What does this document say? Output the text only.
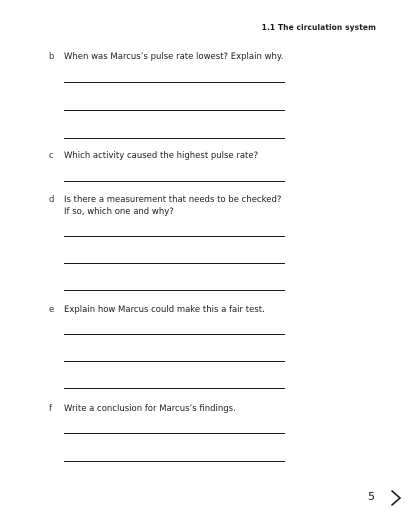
1.1 The circulation system
b When was Marcus’s pulse rate lowest? Explain why.
c Which activity caused the highest pulse rate?
d Is there a measurement that needs to be checked?
If so, which one and why?
e Explain how Marcus could make this a fair test.
f Write a conclusion for Marcus’s findings.
5
